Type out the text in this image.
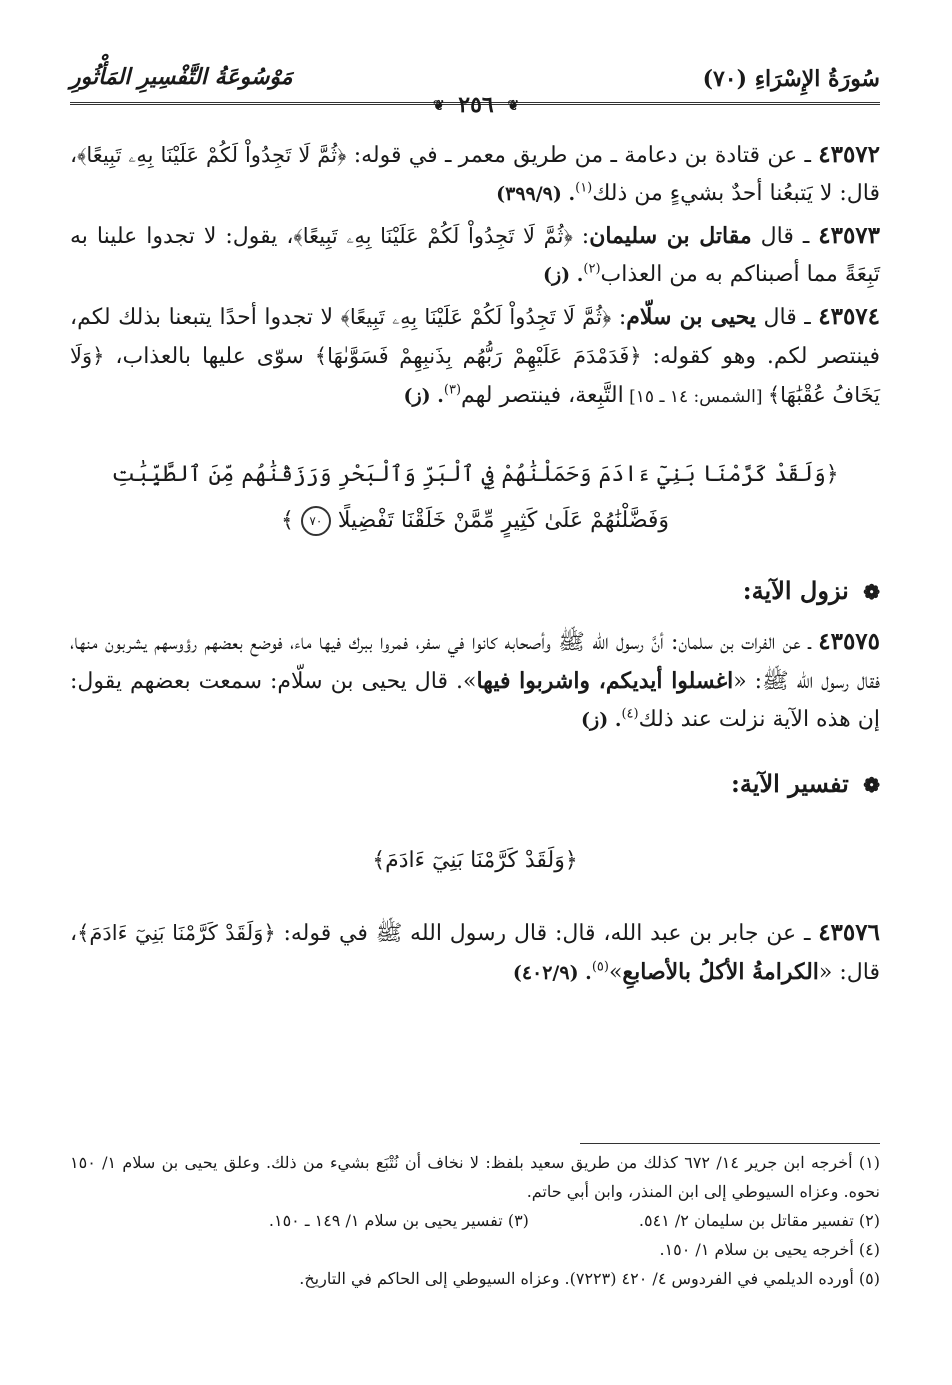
سُورَةُ الإِسْرَاءِ (٧٠)
مَوْسُوعَةُ التَّفْسِيرِ المَأْثُورِ
❦ ٢٥٦ ❦

٤٣٥٧٢ ـ عن قتادة بن دعامة ـ من طريق معمر ـ في قوله: ﴿ثُمَّ لَا تَجِدُواْ لَكُمْ عَلَيْنَا بِهِۦ تَبِيعًا﴾، قال: لا يَتبعُنا أحدٌ بشيءٍ من ذلك$^{(١)}$. (٣٩٩/٩)

٤٣٥٧٣ ـ قال مقاتل بن سليمان: ﴿ثُمَّ لَا تَجِدُواْ لَكُمْ عَلَيْنَا بِهِۦ تَبِيعًا﴾، يقول: لا تجدوا علينا به تَبِعَةً مما أصبناكم به من العذاب$^{(٢)}$. (ز)

٤٣٥٧٤ ـ قال يحيى بن سلّام: ﴿ثُمَّ لَا تَجِدُواْ لَكُمْ عَلَيْنَا بِهِۦ تَبِيعًا﴾ لا تجدوا أحدًا يتبعنا بذلك لكم، فينتصر لكم. وهو كقوله: ﴿فَدَمْدَمَ عَلَيْهِمْ رَبُّهُم بِذَنبِهِمْ فَسَوَّىٰهَا﴾ سوّى عليها بالعذاب، ﴿وَلَا يَخَافُ عُقْبَٰهَا﴾ [الشمس: ١٤ ـ ١٥] التَّبِعة، فينتصر لهم$^{(٣)}$. (ز)

﴿وَلَقَدْ كَرَّمْنَا بَنِيٓ ءَادَمَ وَحَمَلْنَٰهُمْ فِي ٱلْبَرِّ وَٱلْبَحْرِ وَرَزَقْنَٰهُم مِّنَ ٱلطَّيِّبَٰتِ
وَفَضَّلْنَٰهُمْ عَلَىٰ كَثِيرٍ مِّمَّنْ خَلَقْنَا تَفْضِيلًا ٧٠ ﴾
❁ نزول الآية:

٤٣٥٧٥ ـ عن الفرات بن سلمان: أنَّ رسول الله ﷺ وأصحابه كانوا في سفر، فمروا ببرك فيها ماء، فوضع بعضهم رؤوسهم يشربون منها، فقال رسول الله ﷺ: «اغسلوا أيديكم، واشربوا فيها». قال يحيى بن سلّام: سمعت بعضهم يقول: إن هذه الآية نزلت عند ذلك$^{(٤)}$. (ز)

❁ تفسير الآية:
﴿وَلَقَدْ كَرَّمْنَا بَنِيٓ ءَادَمَ﴾

٤٣٥٧٦ ـ عن جابر بن عبد الله، قال: قال رسول الله ﷺ في قوله: ﴿وَلَقَدْ كَرَّمْنَا بَنِيٓ ءَادَمَ﴾، قال: «الكرامةُ الأكلُ بالأصابعِ»$^{(٥)}$. (٤٠٢/٩)

(١) أخرجه ابن جرير ١٤/ ٦٧٢ كذلك من طريق سعيد بلفظ: لا نخاف أن نُتْبَع بشيء من ذلك. وعلق يحيى بن سلام ١/ ١٥٠ نحوه. وعزاه السيوطي إلى ابن المنذر، وابن أبي حاتم.
(٢) تفسير مقاتل بن سليمان ٢/ ٥٤١.
(٣) تفسير يحيى بن سلام ١/ ١٤٩ ـ ١٥٠.
(٤) أخرجه يحيى بن سلام ١/ ١٥٠.
(٥) أورده الديلمي في الفردوس ٤/ ٤٢٠ (٧٢٢٣). وعزاه السيوطي إلى الحاكم في التاريخ.
